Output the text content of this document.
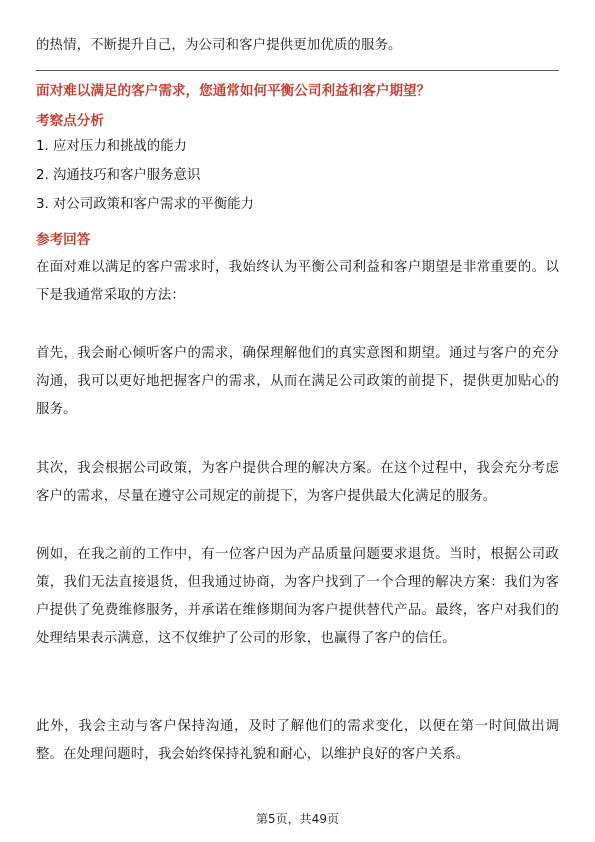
的热情，不断提升自己，为公司和客户提供更加优质的服务。
面对难以满足的客户需求，您通常如何平衡公司利益和客户期望？
考察点分析
1. 应对压力和挑战的能力
2. 沟通技巧和客户服务意识
3. 对公司政策和客户需求的平衡能力
参考回答

在面对难以满足的客户需求时，我始终认为平衡公司利益和客户期望是非常重要的。以下是我通常采取的方法：

首先，我会耐心倾听客户的需求，确保理解他们的真实意图和期望。通过与客户的充分沟通，我可以更好地把握客户的需求，从而在满足公司政策的前提下，提供更加贴心的服务。

其次，我会根据公司政策，为客户提供合理的解决方案。在这个过程中，我会充分考虑客户的需求，尽量在遵守公司规定的前提下，为客户提供最大化满足的服务。

例如，在我之前的工作中，有一位客户因为产品质量问题要求退货。当时，根据公司政策，我们无法直接退货，但我通过协商，为客户找到了一个合理的解决方案：我们为客户提供了免费维修服务，并承诺在维修期间为客户提供替代产品。最终，客户对我们的处理结果表示满意，这不仅维护了公司的形象，也赢得了客户的信任。

此外，我会主动与客户保持沟通，及时了解他们的需求变化，以便在第一时间做出调整。在处理问题时，我会始终保持礼貌和耐心，以维护良好的客户关系。

第5页，共49页
